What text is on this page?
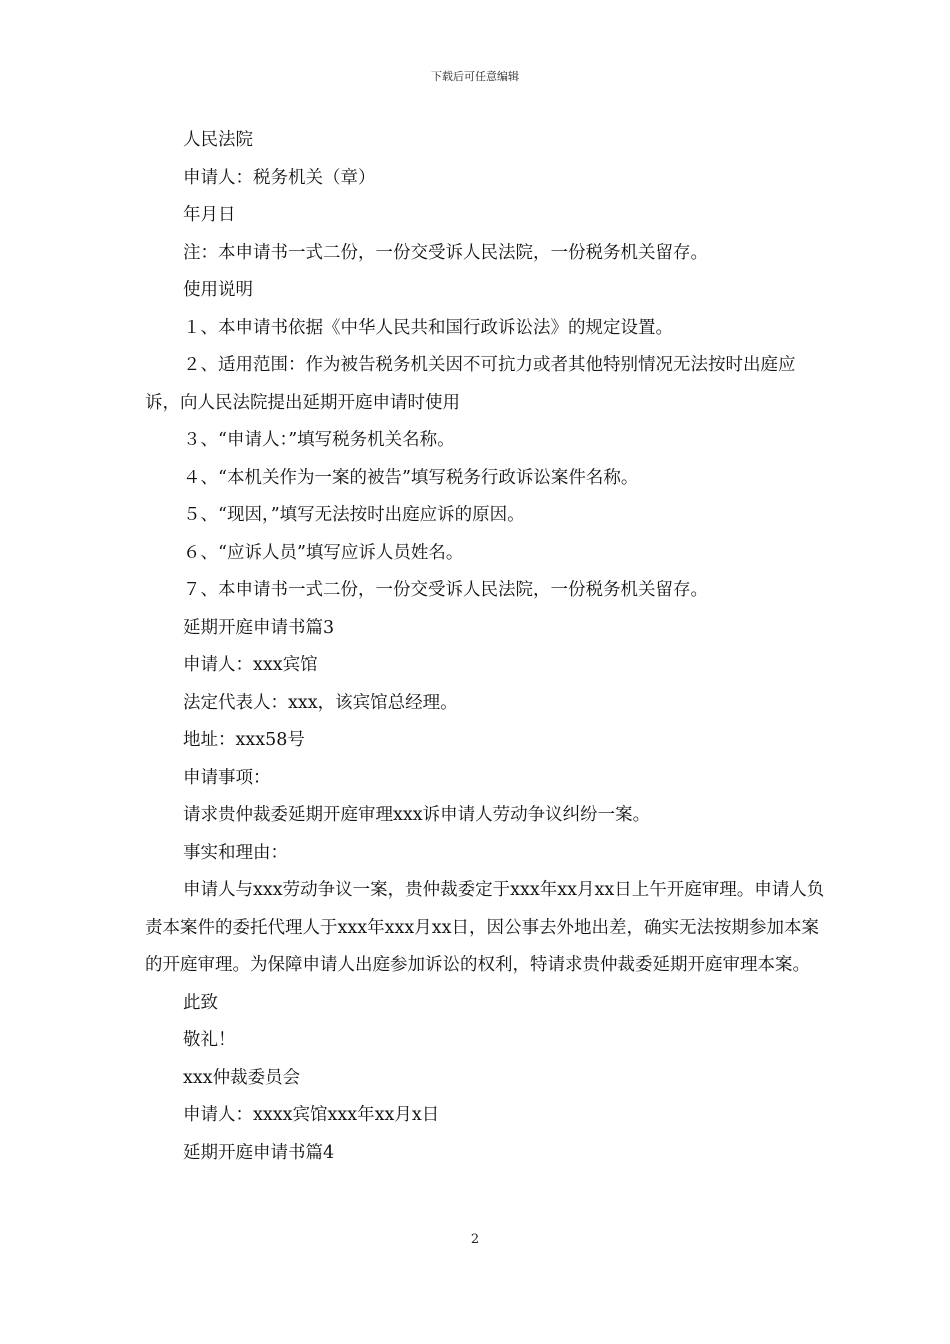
下载后可任意编辑

人民法院

申请人：税务机关（章）

年月日

注：本申请书一式二份，一份交受诉人民法院，一份税务机关留存。

使用说明

１、本申请书依据《中华人民共和国行政诉讼法》的规定设置。

２、适用范围：作为被告税务机关因不可抗力或者其他特别情况无法按时出庭应诉，向人民法院提出延期开庭申请时使用

３、“申请人：”填写税务机关名称。

４、“本机关作为一案的被告”填写税务行政诉讼案件名称。

５、“现因，”填写无法按时出庭应诉的原因。

６、“应诉人员”填写应诉人员姓名。

７、本申请书一式二份，一份交受诉人民法院，一份税务机关留存。

延期开庭申请书篇3

申请人：xxx宾馆

法定代表人：xxx，该宾馆总经理。

地址：xxx58号

申请事项：

请求贵仲裁委延期开庭审理xxx诉申请人劳动争议纠纷一案。

事实和理由：

申请人与xxx劳动争议一案，贵仲裁委定于xxx年xx月xx日上午开庭审理。申请人负责本案件的委托代理人于xxx年xxx月xx日，因公事去外地出差，确实无法按期参加本案的开庭审理。为保障申请人出庭参加诉讼的权利，特请求贵仲裁委延期开庭审理本案。

此致

敬礼！

xxx仲裁委员会

申请人：xxxx宾馆xxx年xx月x日

延期开庭申请书篇4

2
